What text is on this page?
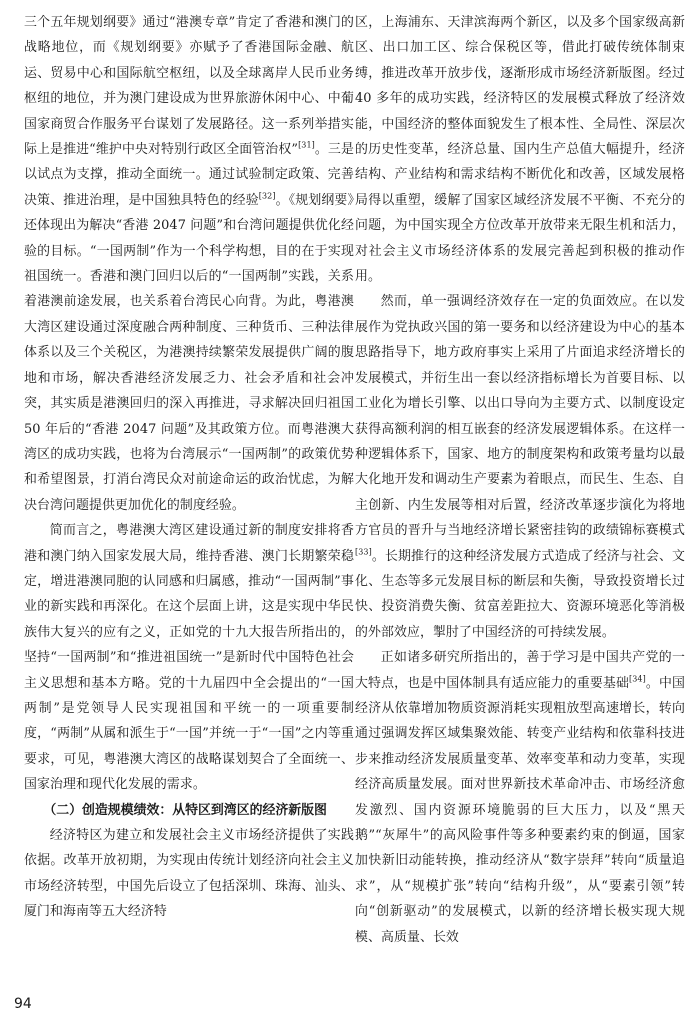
三个五年规划纲要》通过“港澳专章”肯定了香港和澳门的战略地位，而《规划纲要》亦赋予了香港国际金融、航运、贸易中心和国际航空枢纽，以及全球离岸人民币业务枢纽的地位，并为澳门建设成为世界旅游休闲中心、中葡国家商贸合作服务平台谋划了发展路径。这一系列举措实际上是推进“维护中央对特别行政区全面管治权”[31]。三是以试点为支撑，推动全面统一。通过试验制定政策、完善决策、推进治理，是中国独具特色的经验[32]。《规划纲要》还体现出为解决“香港 2047 问题”和台湾问题提供优化经验的目标。“一国两制”作为一个科学构想，目的在于实现祖国统一。香港和澳门回归以后的“一国两制”实践，关系着港澳前途发展，也关系着台湾民心向背。为此，粤港澳大湾区建设通过深度融合两种制度、三种货币、三种法律体系以及三个关税区，为港澳持续繁荣发展提供广阔的腹地和市场，解决香港经济发展乏力、社会矛盾和社会冲突，其实质是港澳回归的深入再推进，寻求解决回归祖国 50 年后的“香港 2047 问题”及其政策方位。而粤港澳大湾区的成功实践，也将为台湾展示“一国两制”的政策优势和希望图景，打消台湾民众对前途命运的政治忧虑，为解决台湾问题提供更加优化的制度经验。

简而言之，粤港澳大湾区建设通过新的制度安排将香港和澳门纳入国家发展大局，维持香港、澳门长期繁荣稳定，增进港澳同胞的认同感和归属感，推动“一国两制”事业的新实践和再深化。在这个层面上讲，这是实现中华民族伟大复兴的应有之义，正如党的十九大报告所指出的，坚持“一国两制”和“推进祖国统一”是新时代中国特色社会主义思想和基本方略。党的十九届四中全会提出的“一国两制”是党领导人民实现祖国和平统一的一项重要制度，“两制”从属和派生于“一国”并统一于“一国”之内等重要求，可见，粤港澳大湾区的战略谋划契合了全面统一、国家治理和现代化发展的需求。

（二）创造规模绩效：从特区到湾区的经济新版图

经济特区为建立和发展社会主义市场经济提供了实践依据。改革开放初期，为实现由传统计划经济向社会主义市场经济转型，中国先后设立了包括深圳、珠海、汕头、厦门和海南等五大经济特

区，上海浦东、天津滨海两个新区，以及多个国家级高新区、出口加工区、综合保税区等，借此打破传统体制束缚，推进改革开放步伐，逐渐形成市场经济新版图。经过 40 多年的成功实践，经济特区的发展模式释放了经济效能，中国经济的整体面貌发生了根本性、全局性、深层次的历史性变革，经济总量、国内生产总值大幅提升，经济结构、产业结构和需求结构不断优化和改善，区域发展格局得以重塑，缓解了国家区域经济发展不平衡、不充分的问题，为中国实现全方位改革开放带来无限生机和活力，对社会主义市场经济体系的发展完善起到积极的推动作用。

然而，单一强调经济效存在一定的负面效应。在以发展作为党执政兴国的第一要务和以经济建设为中心的基本思路指导下，地方政府事实上采用了片面追求经济增长的发展模式，并衍生出一套以经济指标增长为首要目标、以工业化为增长引擎、以出口导向为主要方式、以制度设定获得高额利润的相互嵌套的经济发展逻辑体系。在这样一种逻辑体系下，国家、地方的制度架构和政策考量均以最大化地开发和调动生产要素为着眼点，而民生、生态、自主创新、内生发展等相对后置，经济改革逐步演化为将地方官员的晋升与当地经济增长紧密挂钩的政绩锦标赛模式[33]。长期推行的这种经济发展方式造成了经济与社会、文化、生态等多元发展目标的断层和失衡，导致投资增长过快、投资消费失衡、贫富差距拉大、资源环境恶化等消极的外部效应，掣肘了中国经济的可持续发展。

正如诸多研究所指出的，善于学习是中国共产党的一大特点，也是中国体制具有适应能力的重要基础[34]。中国经济从依靠增加物质资源消耗实现粗放型高速增长，转向通过强调发挥区域集聚效能、转变产业结构和依靠科技进步来推动经济发展质量变革、效率变革和动力变革，实现经济高质量发展。面对世界新技术革命冲击、市场经济愈发激烈、国内资源环境脆弱的巨大压力，以及“黑天鹅”“灰犀牛”的高风险事件等多种要素约束的倒逼，国家加快新旧动能转换，推动经济从“数字崇拜”转向“质量追求”，从“规模扩张”转向“结构升级”，从“要素引领”转向“创新驱动”的发展模式，以新的经济增长极实现大规模、高质量、长效

94
